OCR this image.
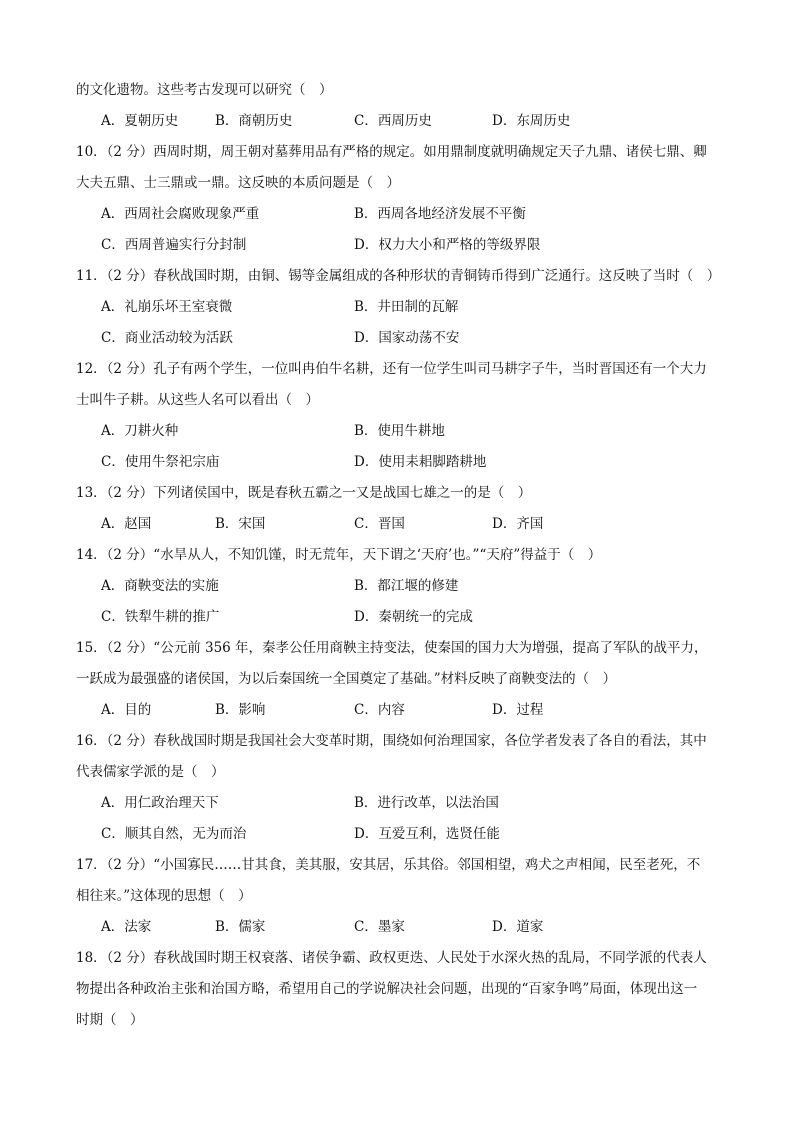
的文化遗物。这些考古发现可以研究（　）
A．夏朝历史	B．商朝历史	C．西周历史	D．东周历史
10．（2 分）西周时期，周王朝对墓葬用品有严格的规定。如用鼎制度就明确规定天子九鼎、诸侯七鼎、卿
大夫五鼎、士三鼎或一鼎。这反映的本质问题是（　）
A．西周社会腐败现象严重	B．西周各地经济发展不平衡
C．西周普遍实行分封制	D．权力大小和严格的等级界限
11．（2 分）春秋战国时期，由铜、锡等金属组成的各种形状的青铜铸币得到广泛通行。这反映了当时（　）
A．礼崩乐坏王室衰微	B．井田制的瓦解
C．商业活动较为活跃	D．国家动荡不安
12．（2 分）孔子有两个学生，一位叫冉伯牛名耕，还有一位学生叫司马耕字子牛，当时晋国还有一个大力
士叫牛子耕。从这些人名可以看出（　）
A．刀耕火种	B．使用牛耕地
C．使用牛祭祀宗庙	D．使用耒耜脚踏耕地
13．（2 分）下列诸侯国中，既是春秋五霸之一又是战国七雄之一的是（　）
A．赵国	B．宋国	C．晋国	D．齐国
14．（2 分）“水旱从人，不知饥馑，时无荒年，天下谓之‘天府’也。”“天府”得益于（　）
A．商鞅变法的实施	B．都江堰的修建
C．铁犁牛耕的推广	D．秦朝统一的完成
15．（2 分）“公元前 356 年，秦孝公任用商鞅主持变法，使秦国的国力大为增强，提高了军队的战平力，
一跃成为最强盛的诸侯国，为以后秦国统一全国奠定了基础。”材料反映了商鞅变法的（　）
A．目的	B．影响	C．内容	D．过程
16．（2 分）春秋战国时期是我国社会大变革时期，围绕如何治理国家，各位学者发表了各自的看法，其中
代表儒家学派的是（　）
A．用仁政治理天下	B．进行改革，以法治国
C．顺其自然，无为而治	D．互爱互利，选贤任能
17．（2 分）“小国寡民……甘其食，美其服，安其居，乐其俗。邻国相望，鸡犬之声相闻，民至老死，不
相往来。”这体现的思想（　）
A．法家	B．儒家	C．墨家	D．道家
18．（2 分）春秋战国时期王权衰落、诸侯争霸、政权更迭、人民处于水深火热的乱局，不同学派的代表人
物提出各种政治主张和治国方略，希望用自己的学说解决社会问题，出现的“百家争鸣”局面，体现出这一
时期（　）
